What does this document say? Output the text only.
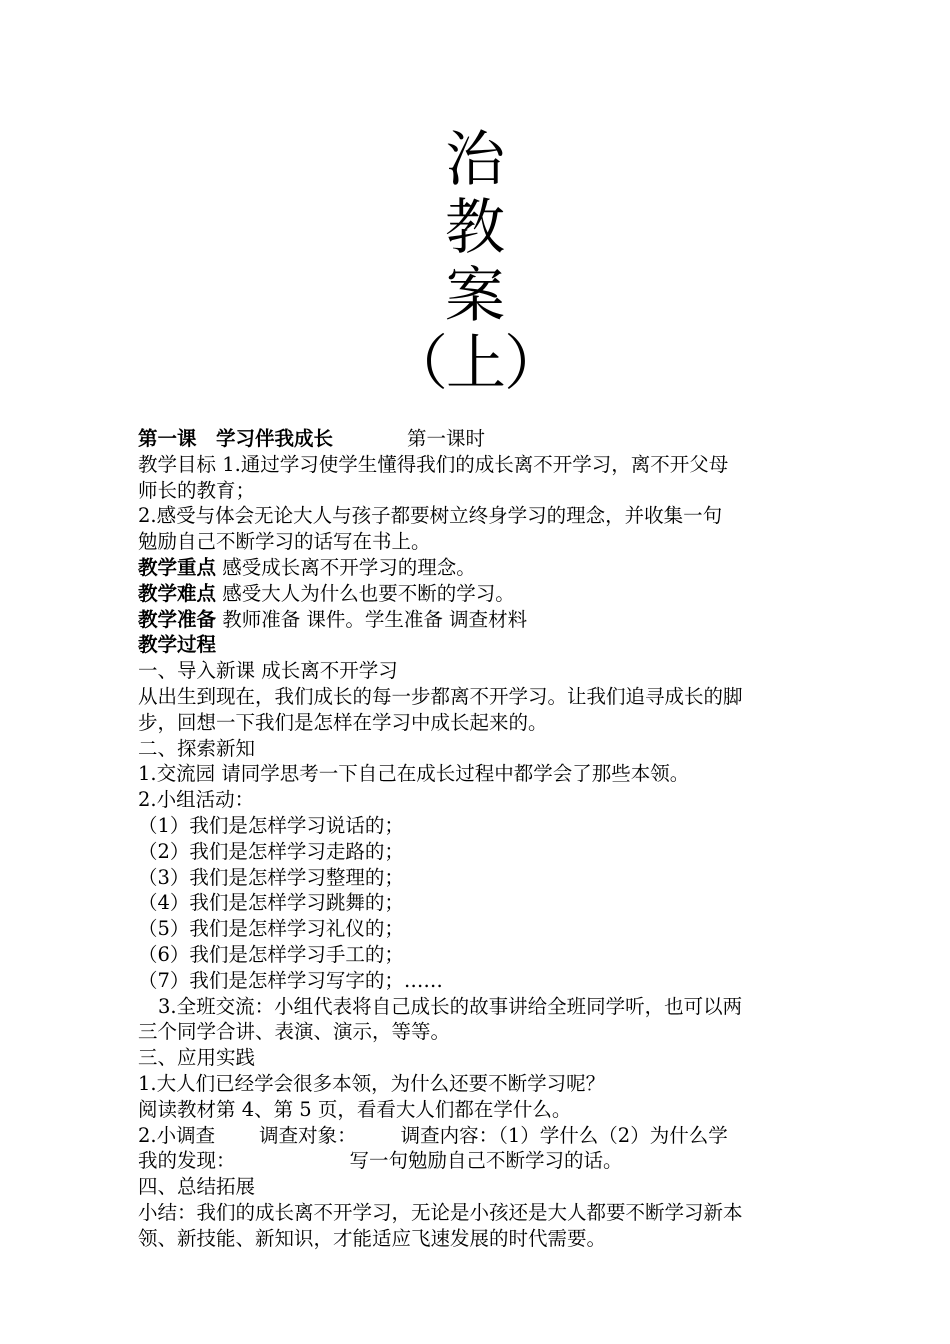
治
教
案
（上）
第一课　学习伴我成长	第一课时
教学目标 1.通过学习使学生懂得我们的成长离不开学习，离不开父母
师长的教育；
2.感受与体会无论大人与孩子都要树立终身学习的理念，并收集一句
勉励自己不断学习的话写在书上。
教学重点 感受成长离不开学习的理念。
教学难点 感受大人为什么也要不断的学习。
教学准备 教师准备 课件。学生准备 调查材料
教学过程
一、导入新课 成长离不开学习
从出生到现在，我们成长的每一步都离不开学习。让我们追寻成长的脚
步，回想一下我们是怎样在学习中成长起来的。
二、探索新知
1.交流园 请同学思考一下自己在成长过程中都学会了那些本领。
2.小组活动：
（1）我们是怎样学习说话的；
（2）我们是怎样学习走路的；
（3）我们是怎样学习整理的；
（4）我们是怎样学习跳舞的；
（5）我们是怎样学习礼仪的；
（6）我们是怎样学习手工的；
（7）我们是怎样学习写字的；……
3.全班交流：小组代表将自己成长的故事讲给全班同学听，也可以两
三个同学合讲、表演、演示，等等。
三、应用实践
1.大人们已经学会很多本领，为什么还要不断学习呢？
阅读教材第 4、第 5 页，看看大人们都在学什么。
2.小调查 调查对象： 调查内容：（1）学什么（2）为什么学
我的发现：	写一句勉励自己不断学习的话。
四、总结拓展
小结：我们的成长离不开学习，无论是小孩还是大人都要不断学习新本
领、新技能、新知识，才能适应飞速发展的时代需要。
